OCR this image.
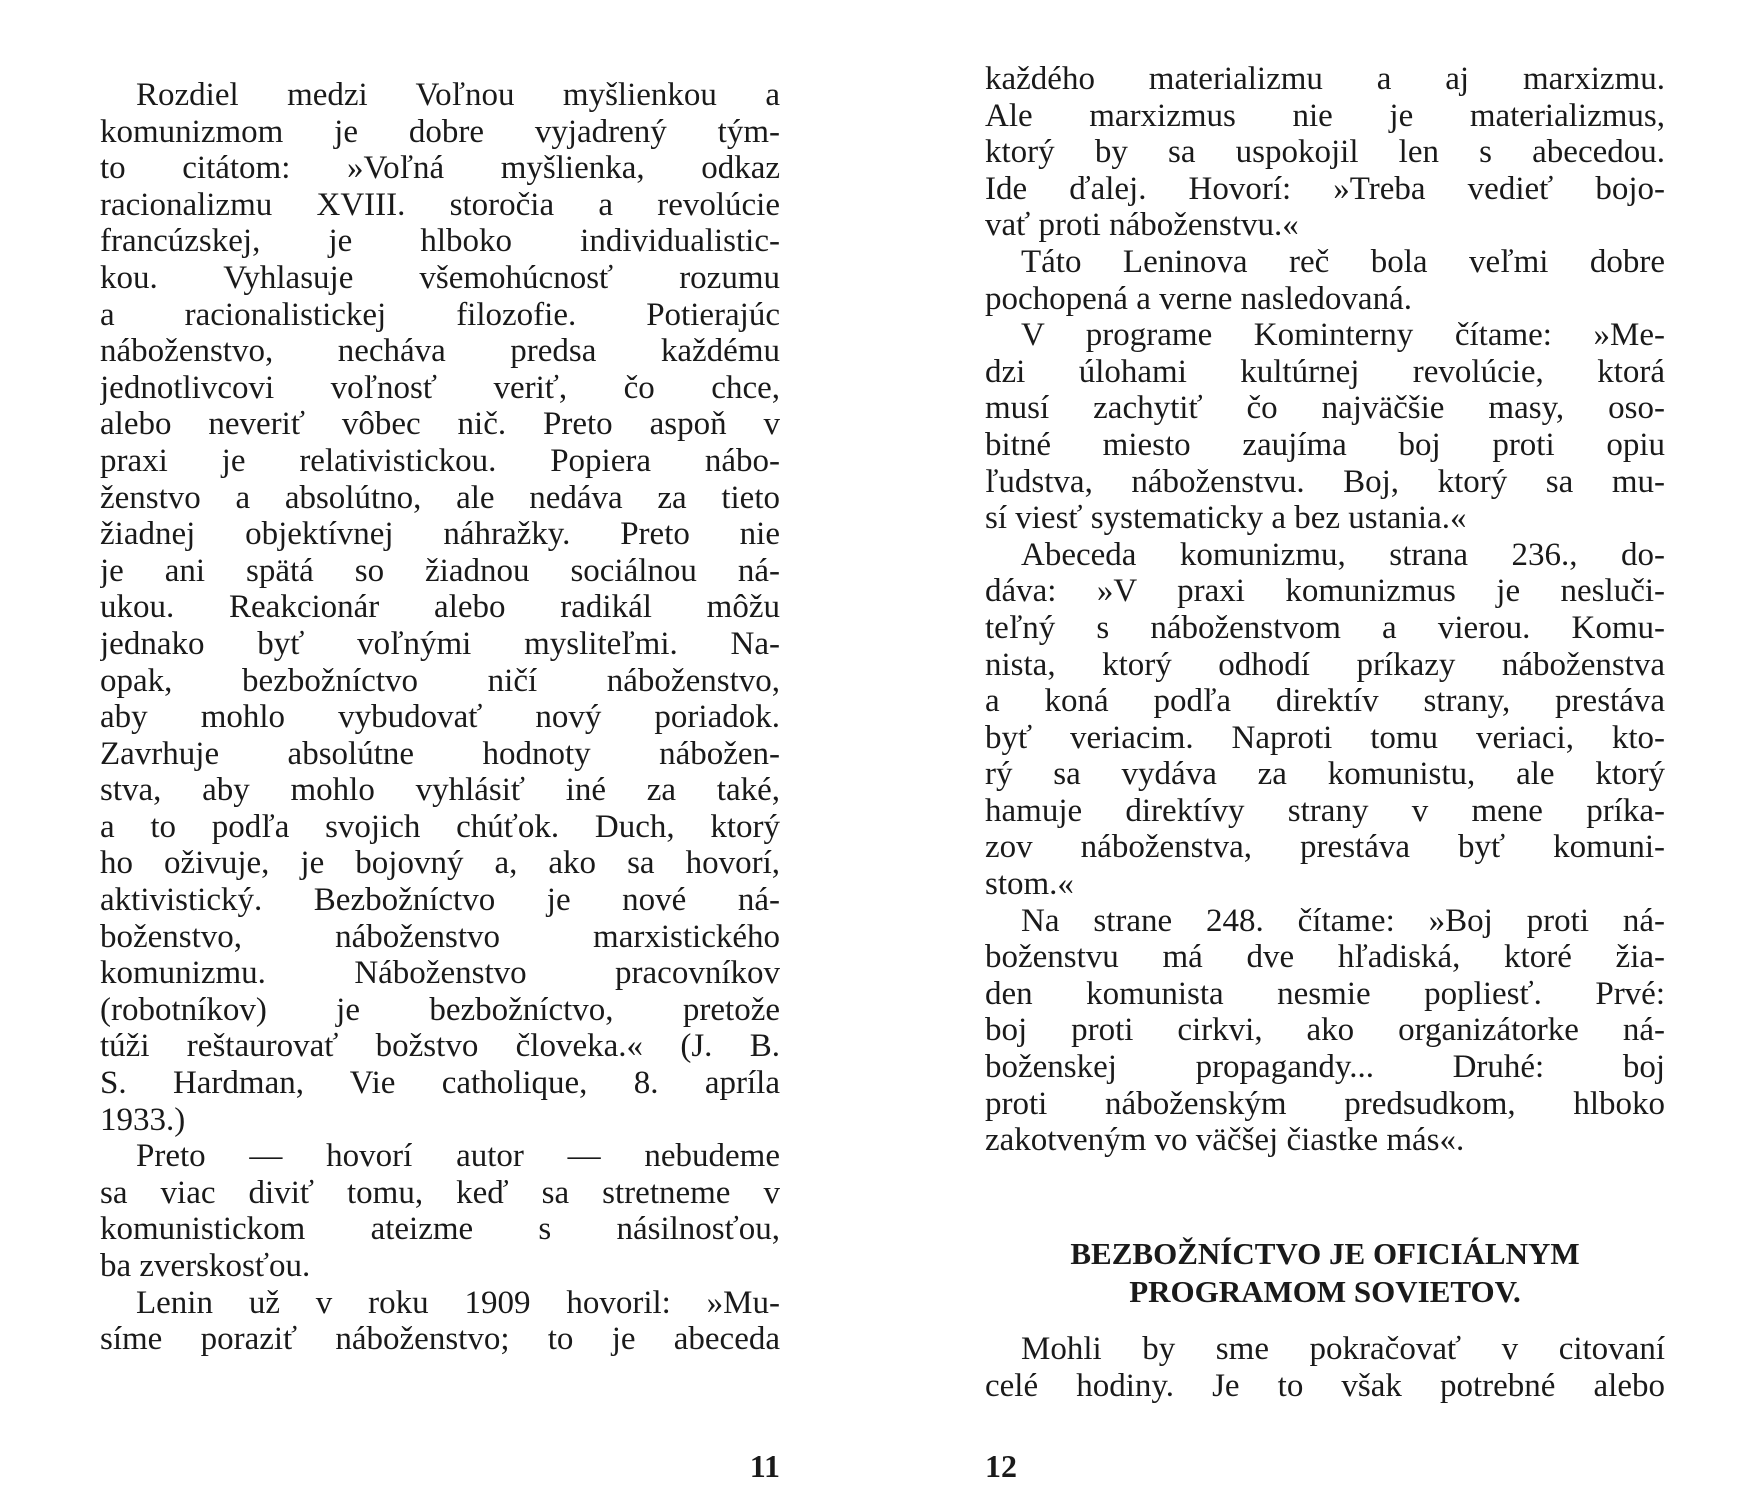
Rozdiel medzi Voľnou myšlienkou a
komunizmom je dobre vyjadrený tým-
to citátom: »Voľná myšlienka, odkaz
racionalizmu XVIII. storočia a revolúcie
francúzskej, je hlboko individualistic-
kou. Vyhlasuje všemohúcnosť rozumu
a racionalistickej filozofie. Potierajúc
náboženstvo, necháva predsa každému
jednotlivcovi voľnosť veriť, čo chce,
alebo neveriť vôbec nič. Preto aspoň v
praxi je relativistickou. Popiera nábo-
ženstvo a absolútno, ale nedáva za tieto
žiadnej objektívnej náhražky. Preto nie
je ani spätá so žiadnou sociálnou ná-
ukou. Reakcionár alebo radikál môžu
jednako byť voľnými mysliteľmi. Na-
opak, bezbožníctvo ničí náboženstvo,
aby mohlo vybudovať nový poriadok.
Zavrhuje absolútne hodnoty nábožen-
stva, aby mohlo vyhlásiť iné za také,
a to podľa svojich chúťok. Duch, ktorý
ho oživuje, je bojovný a, ako sa hovorí,
aktivistický. Bezbožníctvo je nové ná-
boženstvo, náboženstvo marxistického
komunizmu. Náboženstvo pracovníkov
(robotníkov) je bezbožníctvo, pretože
túži reštaurovať božstvo človeka.« (J. B.
S. Hardman, Vie catholique, 8. apríla
1933.)
Preto — hovorí autor — nebudeme
sa viac diviť tomu, keď sa stretneme v
komunistickom ateizme s násilnosťou,
ba zverskosťou.
Lenin už v roku 1909 hovoril: »Mu-
síme poraziť náboženstvo; to je abeceda
11
každého materializmu a aj marxizmu.
Ale marxizmus nie je materializmus,
ktorý by sa uspokojil len s abecedou.
Ide ďalej. Hovorí: »Treba vedieť bojo-
vať proti náboženstvu.«
Táto Leninova reč bola veľmi dobre
pochopená a verne nasledovaná.
V programe Kominterny čítame: »Me-
dzi úlohami kultúrnej revolúcie, ktorá
musí zachytiť čo najväčšie masy, oso-
bitné miesto zaujíma boj proti opiu
ľudstva, náboženstvu. Boj, ktorý sa mu-
sí viesť systematicky a bez ustania.«
Abeceda komunizmu, strana 236., do-
dáva: »V praxi komunizmus je nesluči-
teľný s náboženstvom a vierou. Komu-
nista, ktorý odhodí príkazy náboženstva
a koná podľa direktív strany, prestáva
byť veriacim. Naproti tomu veriaci, kto-
rý sa vydáva za komunistu, ale ktorý
hamuje direktívy strany v mene príka-
zov náboženstva, prestáva byť komuni-
stom.«
Na strane 248. čítame: »Boj proti ná-
boženstvu má dve hľadiská, ktoré žia-
den komunista nesmie popliesť. Prvé:
boj proti cirkvi, ako organizátorke ná-
boženskej propagandy... Druhé: boj
proti náboženským predsudkom, hlboko
zakotveným vo väčšej čiastke más«.
BEZBOŽNÍCTVO JE OFICIÁLNYM
PROGRAMOM SOVIETOV.
Mohli by sme pokračovať v citovaní
celé hodiny. Je to však potrebné alebo
12
